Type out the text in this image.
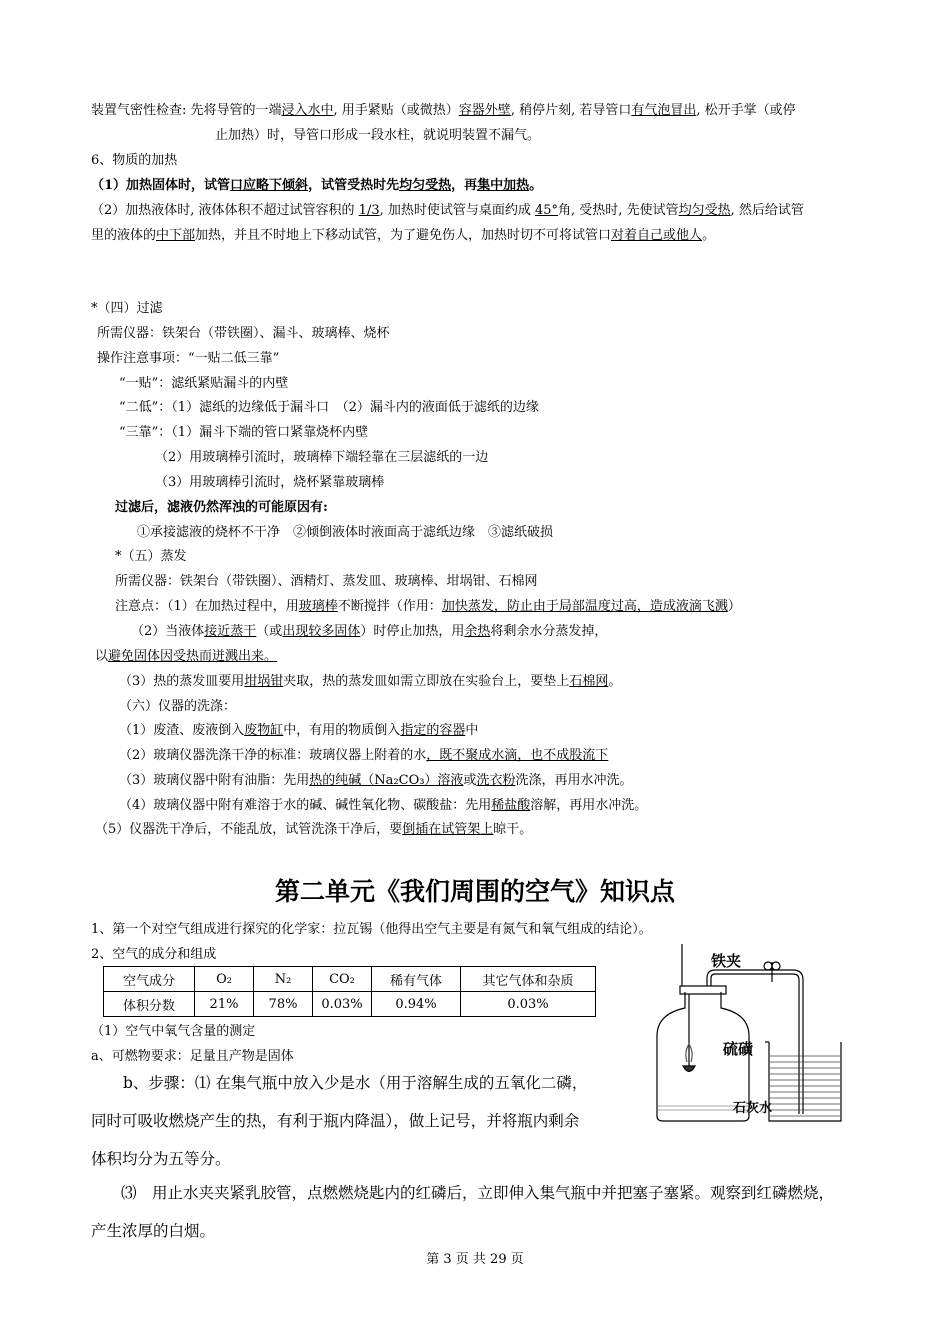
装置气密性检查: 先将导管的一端浸入水中, 用手紧贴（或微热）容器外壁, 稍停片刻, 若导管口有气泡冒出, 松开手掌（或停
止加热）时，导管口形成一段水柱，就说明装置不漏气。
6、物质的加热
（1）加热固体时，试管口应略下倾斜，试管受热时先均匀受热，再集中加热。
（2）加热液体时, 液体体积不超过试管容积的 1/3, 加热时使试管与桌面约成 45°角, 受热时, 先使试管均匀受热, 然后给试管
里的液体的中下部加热，并且不时地上下移动试管，为了避免伤人，加热时切不可将试管口对着自己或他人。
*（四）过滤
所需仪器：铁架台（带铁圈）、漏斗、玻璃棒、烧杯
操作注意事项：“一贴二低三靠”
“一贴”：滤纸紧贴漏斗的内壁
“二低”：（1）滤纸的边缘低于漏斗口　（2）漏斗内的液面低于滤纸的边缘
“三靠”：（1）漏斗下端的管口紧靠烧杯内壁
（2）用玻璃棒引流时，玻璃棒下端轻靠在三层滤纸的一边
（3）用玻璃棒引流时，烧杯紧靠玻璃棒
过滤后，滤液仍然浑浊的可能原因有:
①承接滤液的烧杯不干净　②倾倒液体时液面高于滤纸边缘　③滤纸破损
*（五）蒸发
所需仪器：铁架台（带铁圈）、酒精灯、蒸发皿、玻璃棒、坩埚钳、石棉网
注意点：（1）在加热过程中，用玻璃棒不断搅拌（作用：加快蒸发，防止由于局部温度过高，造成液滴飞溅）
（2）当液体接近蒸干（或出现较多固体）时停止加热，用余热将剩余水分蒸发掉，
以避免固体因受热而迸溅出来。
（3）热的蒸发皿要用坩埚钳夹取，热的蒸发皿如需立即放在实验台上，要垫上石棉网。
（六）仪器的洗涤：
（1）废渣、废液倒入废物缸中，有用的物质倒入指定的容器中
（2）玻璃仪器洗涤干净的标准：玻璃仪器上附着的水，既不聚成水滴，也不成股流下
（3）玻璃仪器中附有油脂：先用热的纯碱（Na₂CO₃）溶液或洗衣粉洗涤，再用水冲洗。
（4）玻璃仪器中附有难溶于水的碱、碱性氧化物、碳酸盐：先用稀盐酸溶解，再用水冲洗。
（5）仪器洗干净后，不能乱放，试管洗涤干净后，要倒插在试管架上晾干。
第二单元《我们周围的空气》知识点
1、第一个对空气组成进行探究的化学家：拉瓦锡（他得出空气主要是有氮气和氧气组成的结论）。
2、空气的成分和组成
空气成分	O₂	N₂	CO₂	稀有气体	其它气体和杂质
体积分数	21%	78%	0.03%	0.94%	0.03%
（1）空气中氧气含量的测定
a、可燃物要求：足量且产物是固体
b、步骤：⑴ 在集气瓶中放入少是水（用于溶解生成的五氧化二磷，
同时可吸收燃烧产生的热，有利于瓶内降温），做上记号，并将瓶内剩余
体积均分为五等分。
⑶　用止水夹夹紧乳胶管，点燃燃烧匙内的红磷后，立即伸入集气瓶中并把塞子塞紧。观察到红磷燃烧，
产生浓厚的白烟。
铁夹
硫磺
石灰水
第 3 页 共 29 页
